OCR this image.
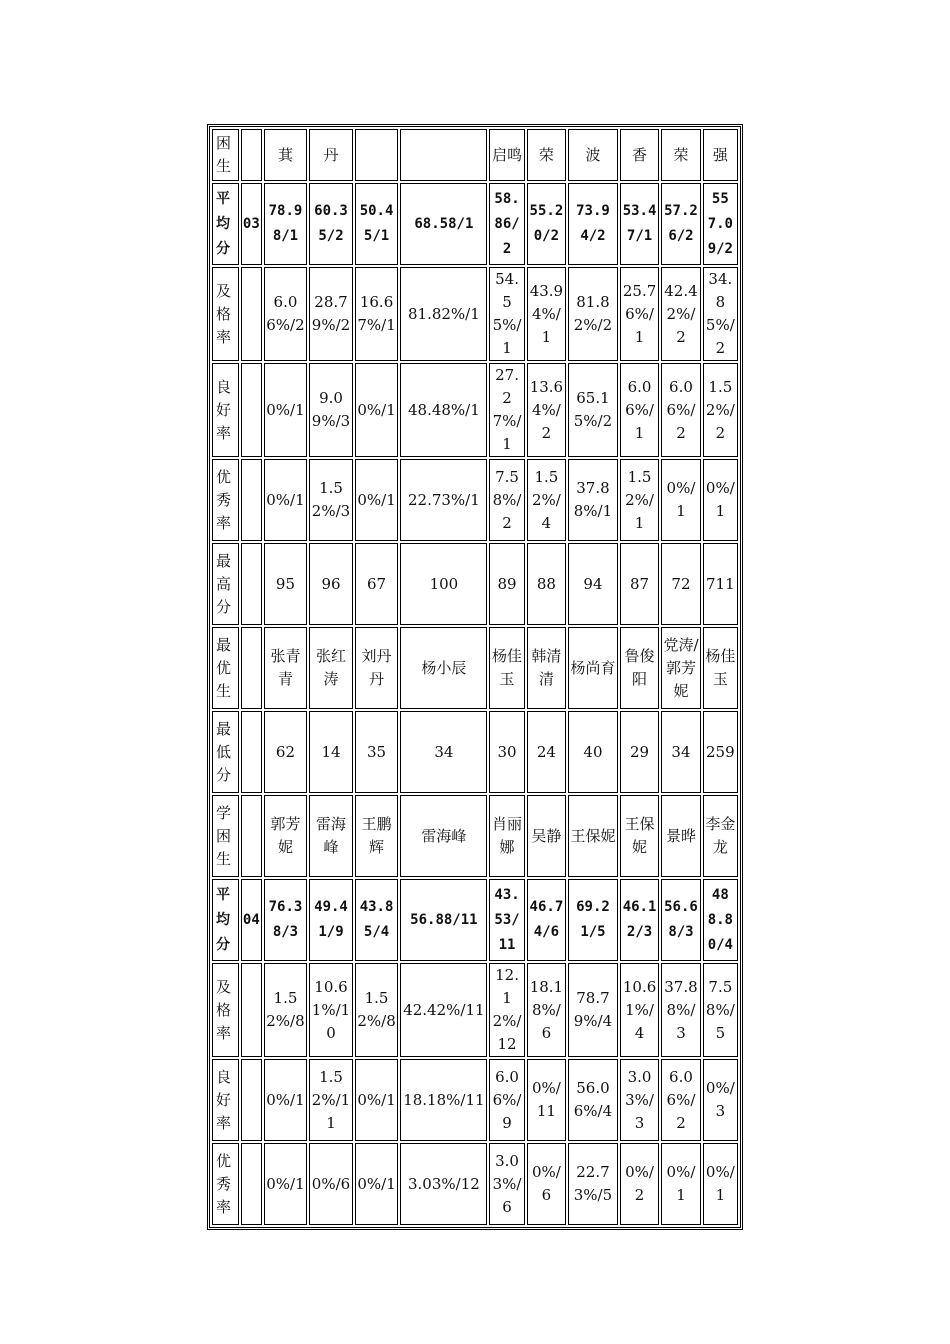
困生		萁	丹			启鸣	荣	波	香	荣	强
平均分	03	78.98/1	60.35/2	50.45/1	68.58/1	58.86/2	55.20/2	73.94/2	53.47/1	57.26/2	557.09/2
及格率		6.06%/2	28.79%/2	16.67%/1	81.82%/1	54.55%/1	43.94%/1	81.82%/2	25.76%/1	42.42%/2	34.85%/2
良好率		0%/1	9.09%/3	0%/1	48.48%/1	27.27%/1	13.64%/2	65.15%/2	6.06%/1	6.06%/2	1.52%/2
优秀率		0%/1	1.52%/3	0%/1	22.73%/1	7.58%/2	1.52%/4	37.88%/1	1.52%/1	0%/1	0%/1
最高分		95	96	67	100	89	88	94	87	72	711
最优生		张青青	张红涛	刘丹丹	杨小辰	杨佳玉	韩清清	杨尚育	鲁俊阳	党涛/郭芳妮	杨佳玉
最低分		62	14	35	34	30	24	40	29	34	259
学困生		郭芳妮	雷海峰	王鹏辉	雷海峰	肖丽娜	吴静	王保妮	王保妮	景晔	李金龙
平均分	04	76.38/3	49.41/9	43.85/4	56.88/11	43.53/11	46.74/6	69.21/5	46.12/3	56.68/3	488.80/4
及格率		1.52%/8	10.61%/10	1.52%/8	42.42%/11	12.12%/12	18.18%/6	78.79%/4	10.61%/4	37.88%/3	7.58%/5
良好率		0%/1	1.52%/11	0%/1	18.18%/11	6.06%/9	0%/11	56.06%/4	3.03%/3	6.06%/2	0%/3
优秀率		0%/1	0%/6	0%/1	3.03%/12	3.03%/6	0%/6	22.73%/5	0%/2	0%/1	0%/1
